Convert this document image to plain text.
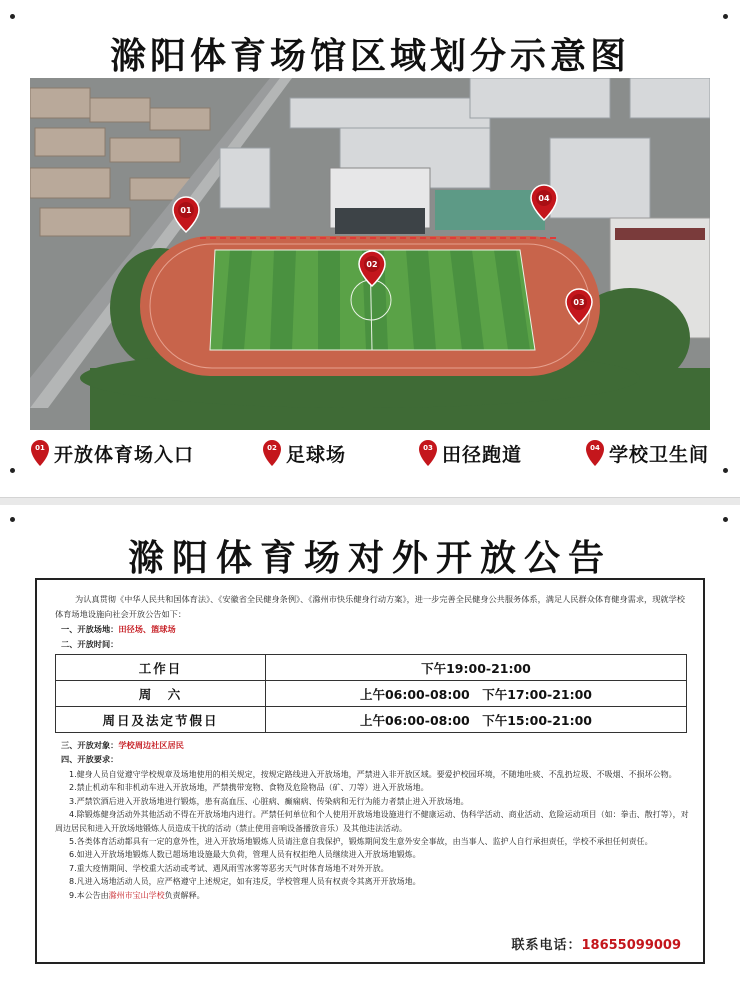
滁阳体育场馆区域划分示意图
01
02
03
04
01 开放体育场入口	02 足球场	03 田径跑道	04 学校卫生间
滁阳体育场对外开放公告
为认真贯彻《中华人民共和国体育法》、《安徽省全民健身条例》、《滁州市快乐健身行动方案》，进一步完善全民健身公共服务体系，满足人民群众体育健身需求，现就学校体育场地设施向社会开放公告如下：
一、开放场地：田径场、篮球场
二、开放时间：
工作日	下午19:00-21:00
周　六	上午06:00-08:00　下午17:00-21:00
周日及法定节假日	上午06:00-08:00　下午15:00-21:00
三、开放对象：学校周边社区居民
四、开放要求：

1.健身人员自觉遵守学校规章及场地使用的相关规定，按规定路线进入开放场地，严禁进入非开放区域。要爱护校园环境，不随地吐痰、不乱扔垃圾、不吸烟、不损坏公物。

2.禁止机动车和非机动车进入开放场地，严禁携带宠物、食物及危险物品（矿、刀等）进入开放场地。

3.严禁饮酒后进入开放场地进行锻炼，患有高血压、心脏病、癫痫病、传染病和无行为能力者禁止进入开放场地。

4.除锻炼健身活动外其他活动不得在开放场地内进行。严禁任何单位和个人使用开放场地设施进行不健康运动、伪科学活动、商业活动、危险运动项目（如：拳击、散打等），对周边居民和进入开放场地锻炼人员造成干扰的活动（禁止使用音响设备播放音乐）及其他违法活动。

5.各类体育活动都具有一定的意外性，进入开放场地锻炼人员请注意自我保护，锻炼期间发生意外安全事故，由当事人、监护人自行承担责任，学校不承担任何责任。

6.如进入开放场地锻炼人数已超场地设施最大负荷，管理人员有权拒绝人员继续进入开放场地锻炼。

7.重大疫情期间、学校重大活动或考试、遇风雨雪冰雾等恶劣天气时体育场地不对外开放。

8.凡进入场地活动人员，应严格遵守上述规定，如有违反，学校管理人员有权责令其离开开放场地。

9.本公告由滁州市宝山学校负责解释。

联系电话：18655099009
